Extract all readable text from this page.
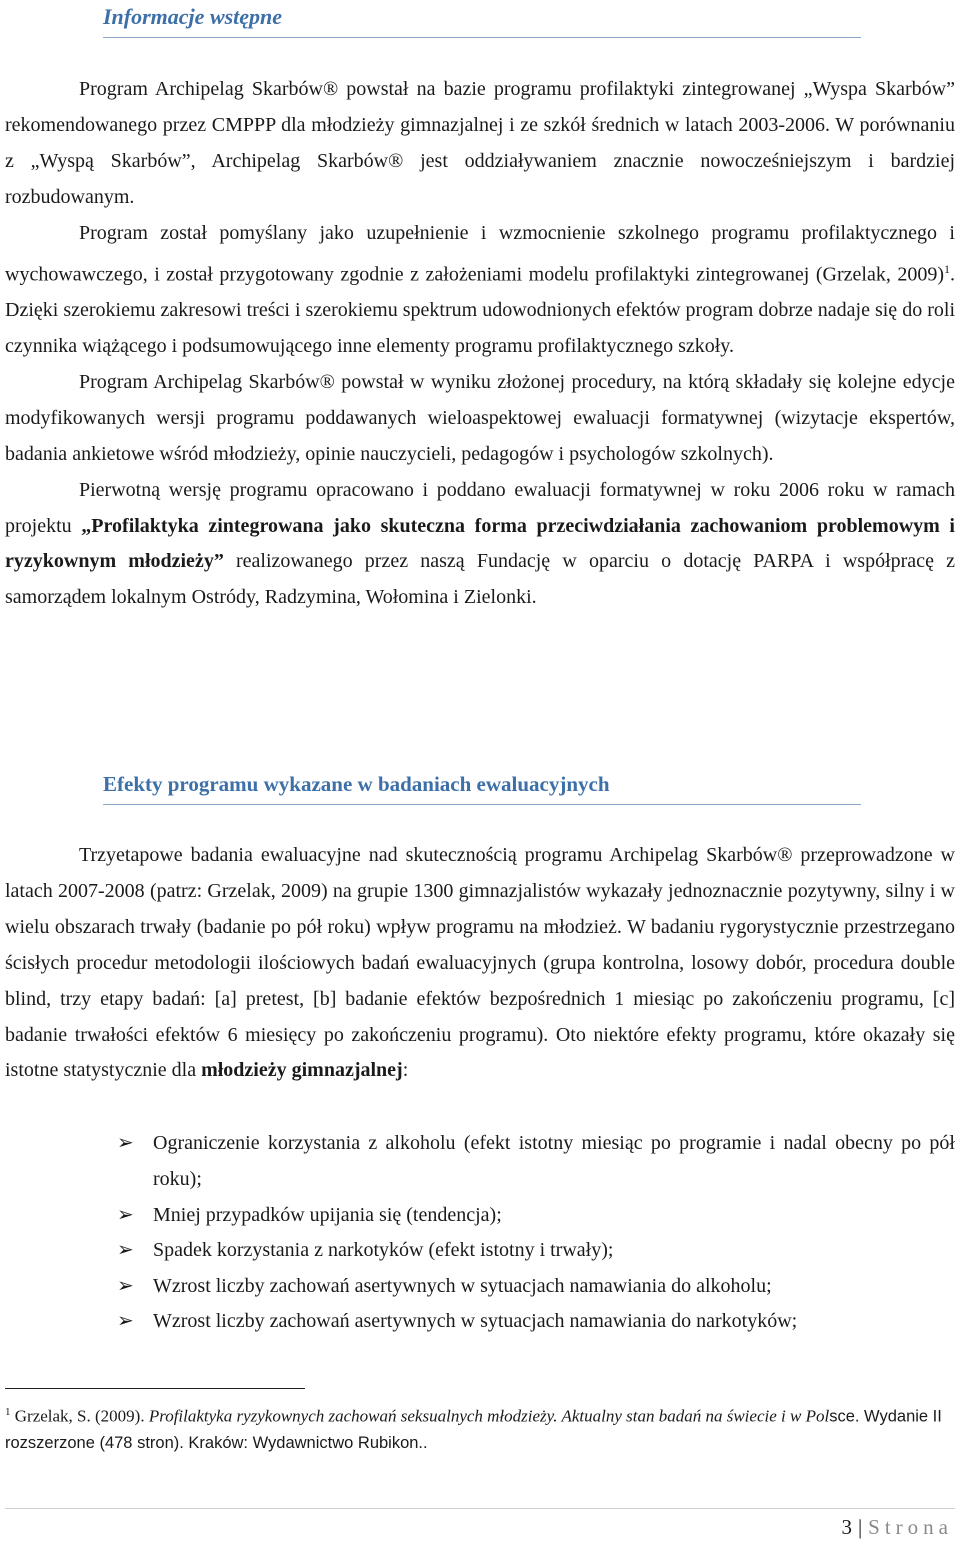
Informacje wstępne
Program Archipelag Skarbów® powstał na bazie programu profilaktyki zintegrowanej „Wyspa Skarbów” rekomendowanego przez CMPPP dla młodzieży gimnazjalnej i ze szkół średnich w latach 2003-2006. W porównaniu z „Wyspą Skarbów”, Archipelag Skarbów® jest oddziaływaniem znacznie nowocześniejszym i bardziej rozbudowanym.
Program został pomyślany jako uzupełnienie i wzmocnienie szkolnego programu profilaktycznego i wychowawczego, i został przygotowany zgodnie z założeniami modelu profilaktyki zintegrowanej (Grzelak, 2009)$^1$. Dzięki szerokiemu zakresowi treści i szerokiemu spektrum udowodnionych efektów program dobrze nadaje się do roli czynnika wiążącego i podsumowującego inne elementy programu profilaktycznego szkoły.
Program Archipelag Skarbów® powstał w wyniku złożonej procedury, na którą składały się kolejne edycje modyfikowanych wersji programu poddawanych wieloaspektowej ewaluacji formatywnej (wizytacje ekspertów, badania ankietowe wśród młodzieży, opinie nauczycieli, pedagogów i psychologów szkolnych).
Pierwotną wersję programu opracowano i poddano ewaluacji formatywnej w roku 2006 roku w ramach projektu „Profilaktyka zintegrowana jako skuteczna forma przeciwdziałania zachowaniom problemowym i ryzykownym młodzieży” realizowanego przez naszą Fundację w oparciu o dotację PARPA i współpracę z samorządem lokalnym Ostródy, Radzymina, Wołomina i Zielonki.
Efekty programu wykazane w badaniach ewaluacyjnych
Trzyetapowe badania ewaluacyjne nad skutecznością programu Archipelag Skarbów® przeprowadzone w latach 2007-2008 (patrz: Grzelak, 2009) na grupie 1300 gimnazjalistów wykazały jednoznacznie pozytywny, silny i w wielu obszarach trwały (badanie po pół roku) wpływ programu na młodzież. W badaniu rygorystycznie przestrzegano ścisłych procedur metodologii ilościowych badań ewaluacyjnych (grupa kontrolna, losowy dobór, procedura double blind, trzy etapy badań: [a] pretest, [b] badanie efektów bezpośrednich 1 miesiąc po zakończeniu programu, [c] badanie trwałości efektów 6 miesięcy po zakończeniu programu). Oto niektóre efekty programu, które okazały się istotne statystycznie dla młodzieży gimnazjalnej:
➢ Ograniczenie korzystania z alkoholu (efekt istotny miesiąc po programie i nadal obecny po pół roku);
➢ Mniej przypadków upijania się (tendencja);
➢ Spadek korzystania z narkotyków (efekt istotny i trwały);
➢ Wzrost liczby zachowań asertywnych w sytuacjach namawiania do alkoholu;
➢ Wzrost liczby zachowań asertywnych w sytuacjach namawiania do narkotyków;
$^1$ Grzelak, S. (2009). Profilaktyka ryzykownych zachowań seksualnych młodzieży. Aktualny stan badań na świecie i w Polsce. Wydanie II rozszerzone (478 stron). Kraków: Wydawnictwo Rubikon..
3 | Strona
